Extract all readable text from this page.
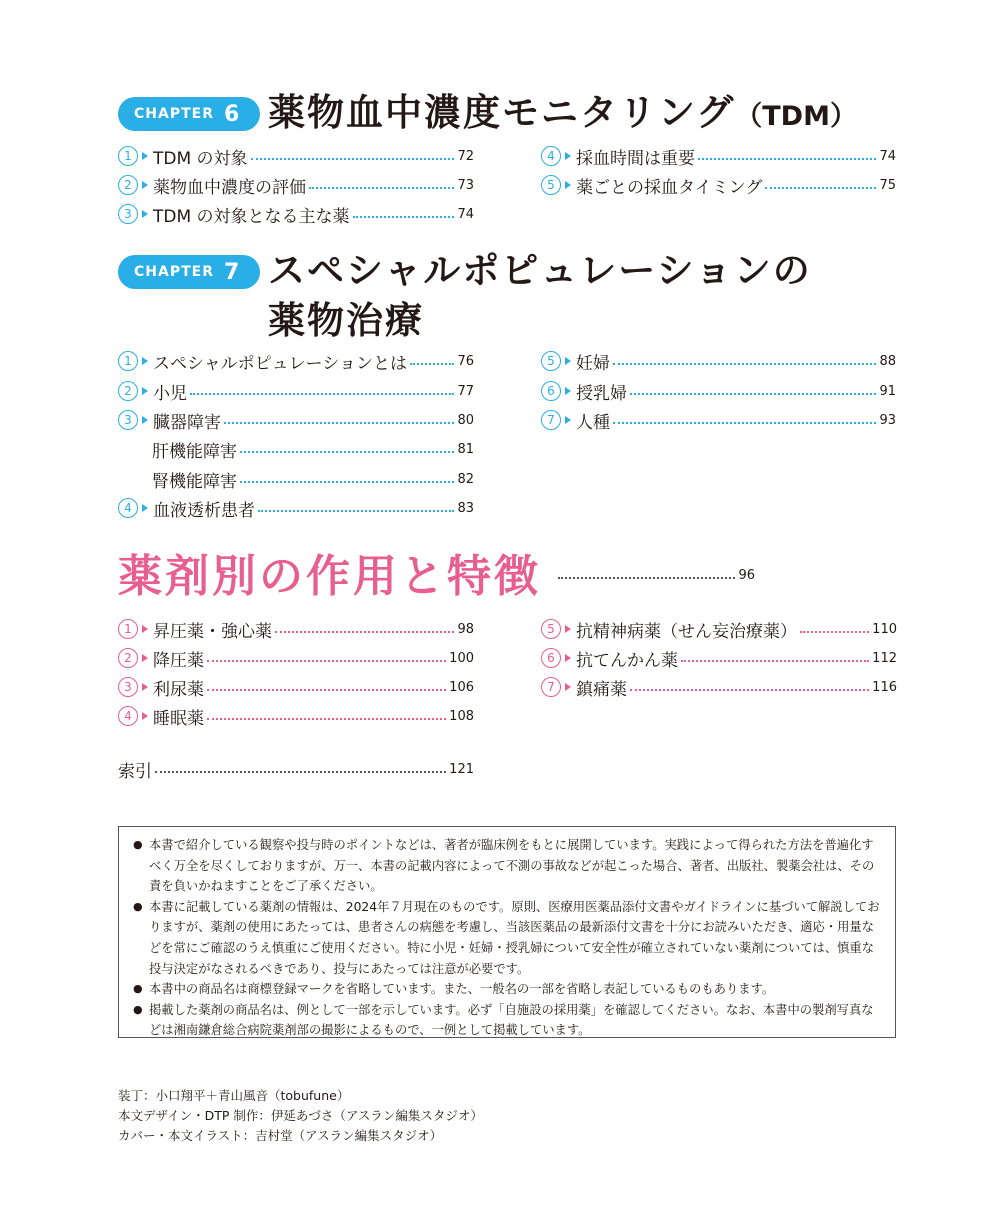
CHAPTER 6 薬物血中濃度モニタリング（TDM）
1	TDM の対象	72
2	薬物血中濃度の評価	73
3	TDM の対象となる主な薬	74
4	採血時間は重要	74
5	薬ごとの採血タイミング	75
CHAPTER 7 スペシャルポピュレーションの
薬物治療
1	スペシャルポピュレーションとは	76
2	小児	77
3	臓器障害	80
肝機能障害	81
腎機能障害	82
4	血液透析患者	83
5	妊婦	88
6	授乳婦	91
7	人種	93
薬剤別の作用と特徴	96
1	昇圧薬・強心薬	98
2	降圧薬	100
3	利尿薬	106
4	睡眠薬	108
5	抗精神病薬（せん妄治療薬）	110
6	抗てんかん薬	112
7	鎮痛薬	116
索引	121
● 本書で紹介している観察や投与時のポイントなどは、著者が臨床例をもとに展開しています。実践によって得られた方法を普遍化すべく万全を尽くしておりますが、万一、本書の記載内容によって不測の事故などが起こった場合、著者、出版社、製薬会社は、その責を負いかねますことをご了承ください。
● 本書に記載している薬剤の情報は、2024年７月現在のものです。原則、医療用医薬品添付文書やガイドラインに基づいて解説しておりますが、薬剤の使用にあたっては、患者さんの病態を考慮し、当該医薬品の最新添付文書を十分にお読みいただき、適応・用量などを常にご確認のうえ慎重にご使用ください。特に小児・妊婦・授乳婦について安全性が確立されていない薬剤については、慎重な投与決定がなされるべきであり、投与にあたっては注意が必要です。
● 本書中の商品名は商標登録マークを省略しています。また、一般名の一部を省略し表記しているものもあります。
● 掲載した薬剤の商品名は、例として一部を示しています。必ず「自施設の採用薬」を確認してください。なお、本書中の製剤写真などは湘南鎌倉総合病院薬剤部の撮影によるもので、一例として掲載しています。
装丁：小口翔平＋青山風音（tobufune）
本文デザイン・DTP 制作：伊延あづさ（アスラン編集スタジオ）
カバー・本文イラスト：吉村堂（アスラン編集スタジオ）
